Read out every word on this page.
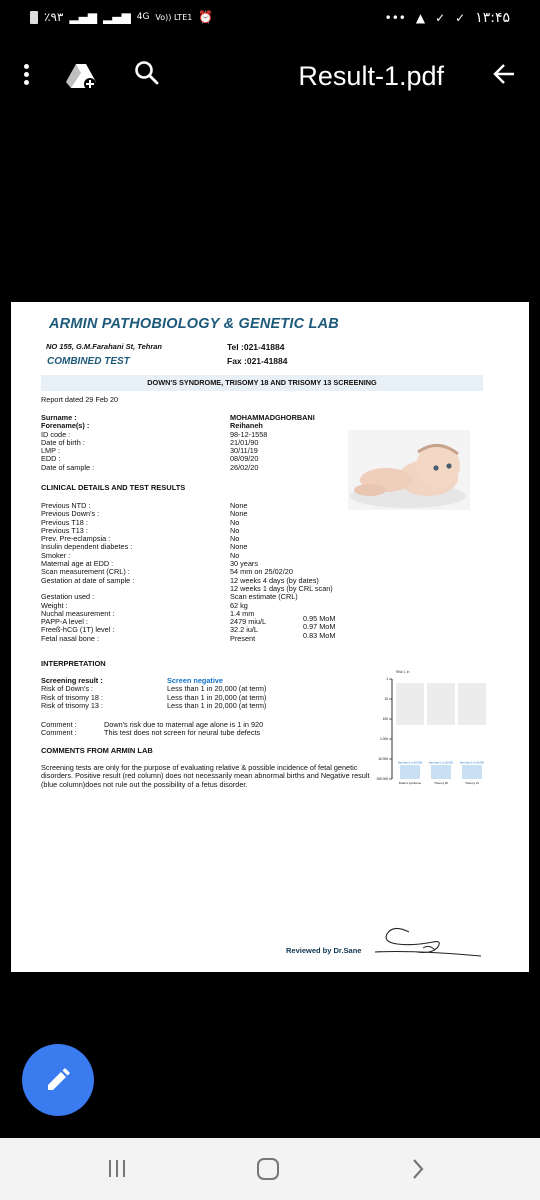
٪۹۳ ▂▄▆ ▂▄▆ 4G Vo)) LTE1 ⏰	••• ▲ ✓ ✓ ۱۳:۴۵
Result-1.pdf
ARMIN PATHOBIOLOGY & GENETIC LAB
NO 155, G.M.Farahani St, Tehran	Tel :021-41884
Fax :021-41884
COMBINED TEST
DOWN'S SYNDROME, TRISOMY 18 AND TRISOMY 13 SCREENING
Report dated 29 Feb 20
Surname :
Forename(s) :
ID code :
Date of birth :
LMP :
EDD :
Date of sample :
MOHAMMADGHORBANI
Reihaneh
98-12-1558
21/01/90
30/11/19
08/09/20
26/02/20
CLINICAL DETAILS AND TEST RESULTS
Previous NTD :
Previous Down's :
Previous T18 :
Previous T13 :
Prev. Pre-eclampsia :
Insulin dependent diabetes :
Smoker :
Maternal age at EDD :
Scan measurement (CRL) :
Gestation at date of sample :

Gestation used :
Weight :
Nuchal measurement :
PAPP-A level :
Freeß-hCG (1T) level :
Fetal nasal bone :
None
None
No
No
No
None
No
30 years
54 mm on 25/02/20
12 weeks 4 days (by dates)
12 weeks 1 days (by CRL scan)
Scan estimate (CRL)
62 kg
1.4 mm
2479 miu/L
32.2 iu/L
Present
0.95 MoM
0.97 MoM
0.83 MoM
INTERPRETATION
Screening result :
Risk of Down's :
Risk of trisomy 18 :
Risk of trisomy 13 :
Screen negative
Less than 1 in 20,000 (at term)
Less than 1 in 20,000 (at term)
Less than 1 in 20,000 (at term)
Comment :
Comment :
Down's risk due to maternal age alone is 1 in 920
This test does not screen for neural tube defects
COMMENTS FROM ARMIN LAB
Screening tests are only for the purpose of evaluating relative & possible incidence of fetal genetic disorders. Positive result (red column) does not necessarily mean abnormal births and Negative result (blue column)does not rule out the possibility of a fetus disorder.
Risk 1 in
1
10
100
1 000
10 000
100 000
less than 1 in 20,000
Down's syndrome
less than 1 in 20,000
Trisomy 18
less than 1 in 20,000
Trisomy 13
Reviewed by Dr.Sane
